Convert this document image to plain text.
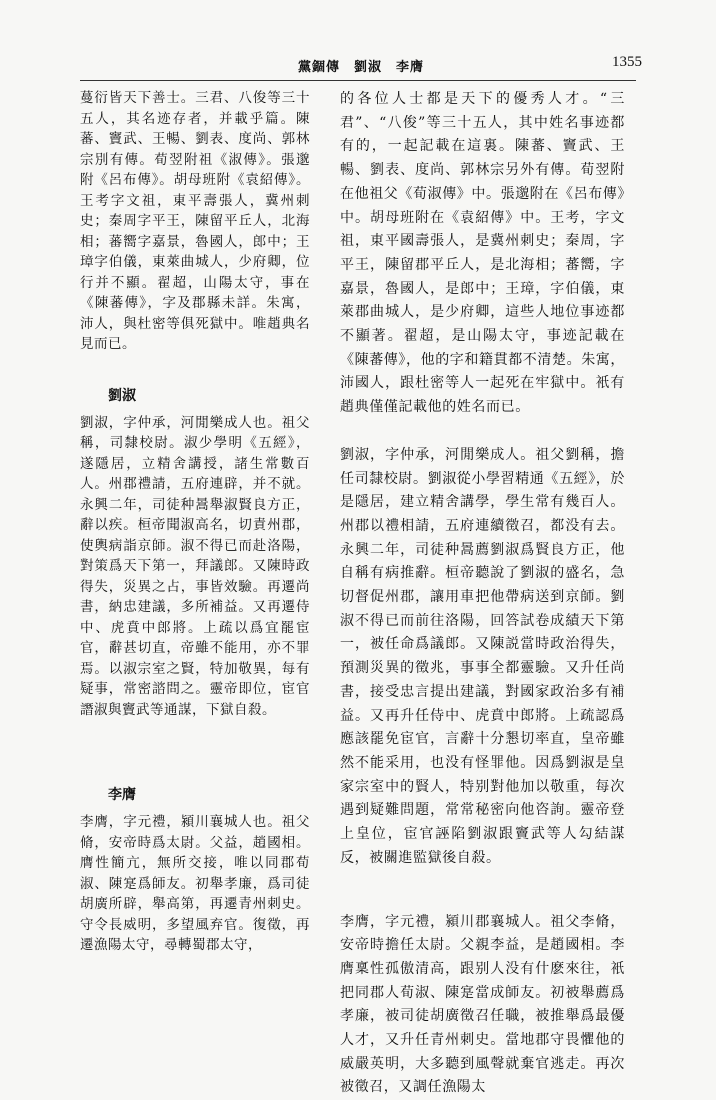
黨錮傳　劉淑　李膺	1355

蔓衍皆天下善士。三君、八俊等三十五人，其名迹存者，并載乎篇。陳蕃、竇武、王暢、劉表、度尚、郭林宗別有傳。荀翌附祖《淑傳》。張邈附《呂布傳》。胡母班附《袁紹傳》。王考字文祖，東平壽張人，冀州刺史；秦周字平王，陳留平丘人，北海相；蕃嚮字嘉景，魯國人，郎中；王璋字伯儀，東萊曲城人，少府卿，位行并不顯。翟超，山陽太守，事在《陳蕃傳》，字及郡縣未詳。朱寓，沛人，與杜密等俱死獄中。唯趙典名見而已。

劉淑

劉淑，字仲承，河閒樂成人也。祖父稱，司隸校尉。淑少學明《五經》，遂隱居，立精舍講授，諸生常數百人。州郡禮請，五府連辟，并不就。永興二年，司徒种暠舉淑賢良方正，辭以疾。桓帝聞淑高名，切責州郡，使輿病詣京師。淑不得已而赴洛陽，對策爲天下第一，拜議郎。又陳時政得失，災異之占，事皆效驗。再遷尚書，納忠建議，多所補益。又再遷侍中、虎賁中郎將。上疏以爲宜罷宦官，辭甚切直，帝雖不能用，亦不罪焉。以淑宗室之賢，特加敬異，每有疑事，常密諮問之。靈帝即位，宦官譖淑與竇武等通謀，下獄自殺。

李膺

李膺，字元禮，潁川襄城人也。祖父脩，安帝時爲太尉。父益，趙國相。膺性簡亢，無所交接，唯以同郡荀淑、陳寔爲師友。初舉孝廉，爲司徒胡廣所辟，舉高第，再遷青州刺史。守令長威明，多望風弃官。復徵，再遷漁陽太守，尋轉蜀郡太守，

的各位人士都是天下的優秀人才。“三君”、“八俊”等三十五人，其中姓名事迹都有的，一起記載在這裏。陳蕃、竇武、王暢、劉表、度尚、郭林宗另外有傳。荀翌附在他祖父《荀淑傳》中。張邈附在《呂布傳》中。胡母班附在《袁紹傳》中。王考，字文祖，東平國壽張人，是冀州刺史；秦周，字平王，陳留郡平丘人，是北海相；蕃嚮，字嘉景，魯國人，是郎中；王璋，字伯儀，東萊郡曲城人，是少府卿，這些人地位事迹都不顯著。翟超，是山陽太守，事迹記載在《陳蕃傳》，他的字和籍貫都不清楚。朱寓，沛國人，跟杜密等人一起死在牢獄中。衹有趙典僅僅記載他的姓名而已。

劉淑，字仲承，河閒樂成人。祖父劉稱，擔任司隸校尉。劉淑從小學習精通《五經》，於是隱居，建立精舍講學，學生常有幾百人。州郡以禮相請，五府連續徵召，都没有去。永興二年，司徒种暠薦劉淑爲賢良方正，他自稱有病推辭。桓帝聽說了劉淑的盛名，急切督促州郡，讓用車把他帶病送到京師。劉淑不得已而前往洛陽，回答試卷成績天下第一，被任命爲議郎。又陳説當時政治得失，預測災異的徵兆，事事全都靈驗。又升任尚書，接受忠言提出建議，對國家政治多有補益。又再升任侍中、虎賁中郎將。上疏認爲應該罷免宦官，言辭十分懇切率直，皇帝雖然不能采用，也没有怪罪他。因爲劉淑是皇家宗室中的賢人，特别對他加以敬重，每次遇到疑難問題，常常秘密向他咨詢。靈帝登上皇位，宦官誣陷劉淑跟竇武等人勾結謀反，被關進監獄後自殺。

李膺，字元禮，潁川郡襄城人。祖父李脩，安帝時擔任太尉。父親李益，是趙國相。李膺稟性孤傲清高，跟别人没有什麽來往，衹把同郡人荀淑、陳寔當成師友。初被舉薦爲孝廉，被司徒胡廣徵召任職，被推舉爲最優人才，又升任青州刺史。當地郡守畏懼他的威嚴英明，大多聽到風聲就棄官逃走。再次被徵召，又調任漁陽太
